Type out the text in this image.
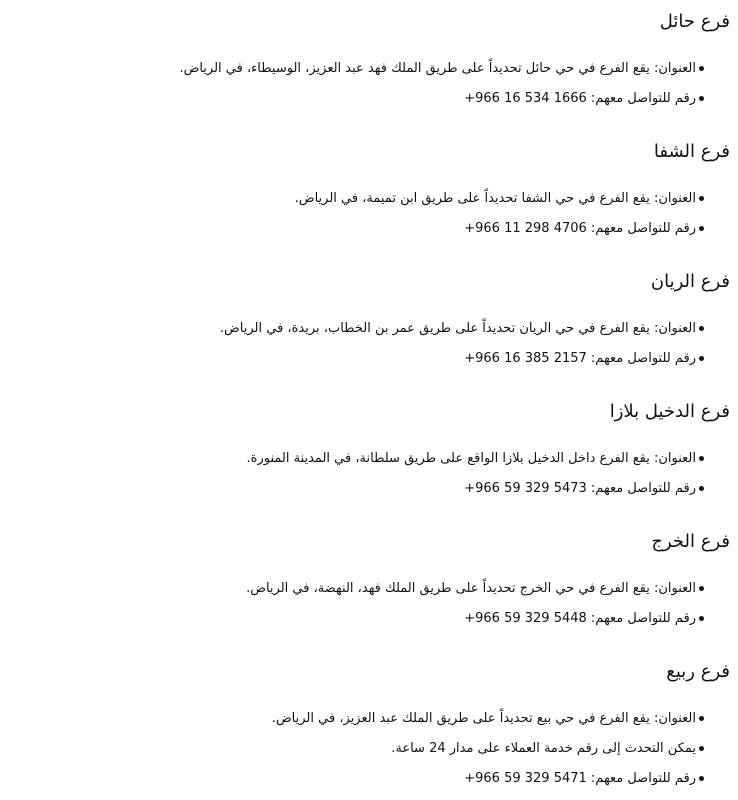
فرع حائل
العنوان: يقع الفرع في حي حائل تحديداً على طريق الملك فهد عبد العزيز، الوسيطاء، في الرياض.
رقم للتواصل معهم: +966 16 534 1666
فرع الشفا
العنوان: يقع الفرع في حي الشفا تحديداً على طريق ابن تميمة، في الرياض.
رقم للتواصل معهم: +966 11 298 4706
فرع الريان
العنوان: يقع الفرع في حي الريان تحديداً على طريق عمر بن الخطاب، بريدة، في الرياض.
رقم للتواصل معهم: +966 16 385 2157
فرع الدخيل بلازا
العنوان: يقع الفرع داخل الدخيل بلازا الواقع على طريق سلطانة، في المدينة المنورة.
رقم للتواصل معهم: +966 59 329 5473
فرع الخرج
العنوان: يقع الفرع في حي الخرج تحديداً على طريق الملك فهد، النهضة، في الرياض.
رقم للتواصل معهم: +966 59 329 5448
فرع ربيع
العنوان: يقع الفرع في حي بيع تحديداً على طريق الملك عبد العزيز، في الرياض.
يمكن التحدث إلى رقم خدمة العملاء على مدار 24 ساعة.
رقم للتواصل معهم: +966 59 329 5471
